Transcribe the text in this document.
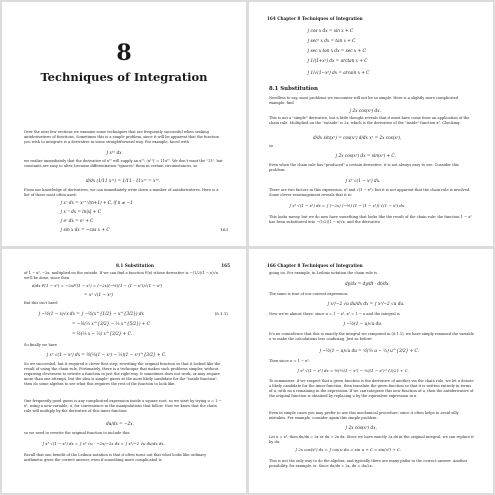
8
Techniques of Integration
Over the next few sections we examine some techniques that are frequently successful when seeking antiderivatives of functions. Sometimes this is a simple problem, since it will be apparent that the function you wish to integrate is a derivative in some straightforward way. For example, faced with
∫ x¹⁰ dx
we realize immediately that the derivative of x¹¹ will supply an x¹⁰: (x¹¹)′ = 11x¹⁰. We don't want the "11", but constants are easy to alter, because differentiation "ignores" them in certain circumstances, so
d/dx (1/11 x¹¹) = 1/11 · 11x¹⁰ = x¹⁰.
From our knowledge of derivatives, we can immediately write down a number of antiderivatives. Here is a list of those most often used:
∫ xⁿ dx = xⁿ⁺¹/(n+1) + C, if n ≠ −1
∫ x⁻¹ dx = ln|x| + C
∫ eˣ dx = eˣ + C
∫ sin x dx = −cos x + C	163
164 Chapter 8 Techniques of Integration
∫ cos x dx = sin x + C
∫ sec² x dx = tan x + C
∫ sec x tan x dx = sec x + C
∫ 1/(1+x²) dx = arctan x + C
∫ 1/√(1−x²) dx = arcsin x + C
8.1 Substitution
Needless to say, most problems we encounter will not be so simple. Here is a slightly more complicated example: find
∫ 2x cos(x²) dx.
This is not a "simple" derivative, but a little thought reveals that it must have come from an application of the chain rule. Multiplied on the "outside" is 2x, which is the derivative of the "inside" function x². Checking:
d/dx sin(x²) = cos(x²) d/dx x² = 2x cos(x²),
so
∫ 2x cos(x²) dx = sin(x²) + C.
Even when the chain rule has "produced" a certain derivative, it is not always easy to see. Consider this problem:
∫ x³ √(1 − x²) dx.
There are two factors in this expression, x³ and √(1 − x²), but it is not apparent that the chain rule is involved. Some clever rearrangement reveals that it is:
∫ x³ √(1 − x²) dx = ∫ (−2x) (−½) (1 − (1 − x²)) √(1 − x²) dx.
This looks messy, but we do now have something that looks like the result of the chain rule: the function 1 − x² has been substituted into −(1/2)(1 − x)√x, and the derivative
8.1 Substitution	165
of 1 − x², −2x, multiplied on the outside. If we can find a function F(x) whose derivative is −(1/2)(1 − x)√x we'll be done, since then
d/dx F(1 − x²) = −2xF′(1 − x²) = (−2x)(−½)(1 − (1 − x²))√(1 − x²)
= x³ √(1 − x²)
But this isn't hard:
∫ −½(1 − x)√x dx = ∫ −½(x^{1/2} − x^{3/2}) dx	(8.1.1)
= −½(⅔ x^{3/2} − ⅖ x^{5/2}) + C
= ½(⅖ x − ⅔) x^{3/2} + C.
So finally we have
∫ x³ √(1 − x²) dx = ½(⅖(1 − x²) − ⅔)(1 − x²)^{3/2} + C.
So we succeeded, but it required a clever first step, rewriting the original function so that it looked like the result of using the chain rule. Fortunately, there is a technique that makes such problems simpler, without requiring cleverness to rewrite a function in just the right way. It sometimes does not work, or may require more than one attempt, but the idea is simple: guess at the most likely candidate for the "inside function", then do some algebra to see what this requires the rest of the function to look like.
One frequently good guess is any complicated expression inside a square root, so we start by trying u = 1 − x², using a new variable, u, for convenience in the manipulations that follow. Now we know that the chain rule will multiply by the derivative of this inner function:
du/dx = −2x,
so we need to rewrite the original function to include this:
∫ x³ √(1 − x²) dx = ∫ x³ √u · −2x/−2x dx = ∫ x²/−2 √u du/dx dx.
Recall that one benefit of the Leibniz notation is that it often turns out that what looks like ordinary arithmetic gives the correct answer, even if something more complicated is
166 Chapter 8 Techniques of Integration
going on. For example, in Leibniz notation the chain rule is
dy/dx = dy/dt · dt/dx.
The same is true of our current expression:
∫ x²/−2 √u du/dx dx = ∫ x²/−2 √u du.
Now we're almost there: since u = 1 − x², x² = 1 − u and the integral is
∫ −½(1 − u)√u du.
It's no coincidence that this is exactly the integral we computed in (8.1.1), we have simply renamed the variable u to make the calculations less confusing. Just as before:
∫ −½(1 − u)√u du = ½(⅖ u − ⅔) u^{3/2} + C.
Then since u = 1 − x²:
∫ x³ √(1 − x²) dx = ½(⅖(1 − x²) − ⅔)(1 − x²)^{3/2} + C.
To summarize: if we suspect that a given function is the derivative of another via the chain rule, we let u denote a likely candidate for the inner function, then translate the given function so that it is written entirely in terms of u, with no x remaining in the expression. If we can integrate this new function of u, then the antiderivative of the original function is obtained by replacing u by the equivalent expression in x.
Even in simple cases you may prefer to use this mechanical procedure, since it often helps to avoid silly mistakes. For example, consider again this simple problem:
∫ 2x cos(x²) dx.
Let u = x², then du/dx = 2x or du = 2x dx. Since we have exactly 2x dx in the original integral, we can replace it by du:
∫ 2x cos(x²) dx = ∫ cos u du = sin u + C = sin(x²) + C.
This is not the only way to do the algebra, and typically there are many paths to the correct answer. Another possibility, for example, is: Since du/dx = 2x, dx = du/2x,
